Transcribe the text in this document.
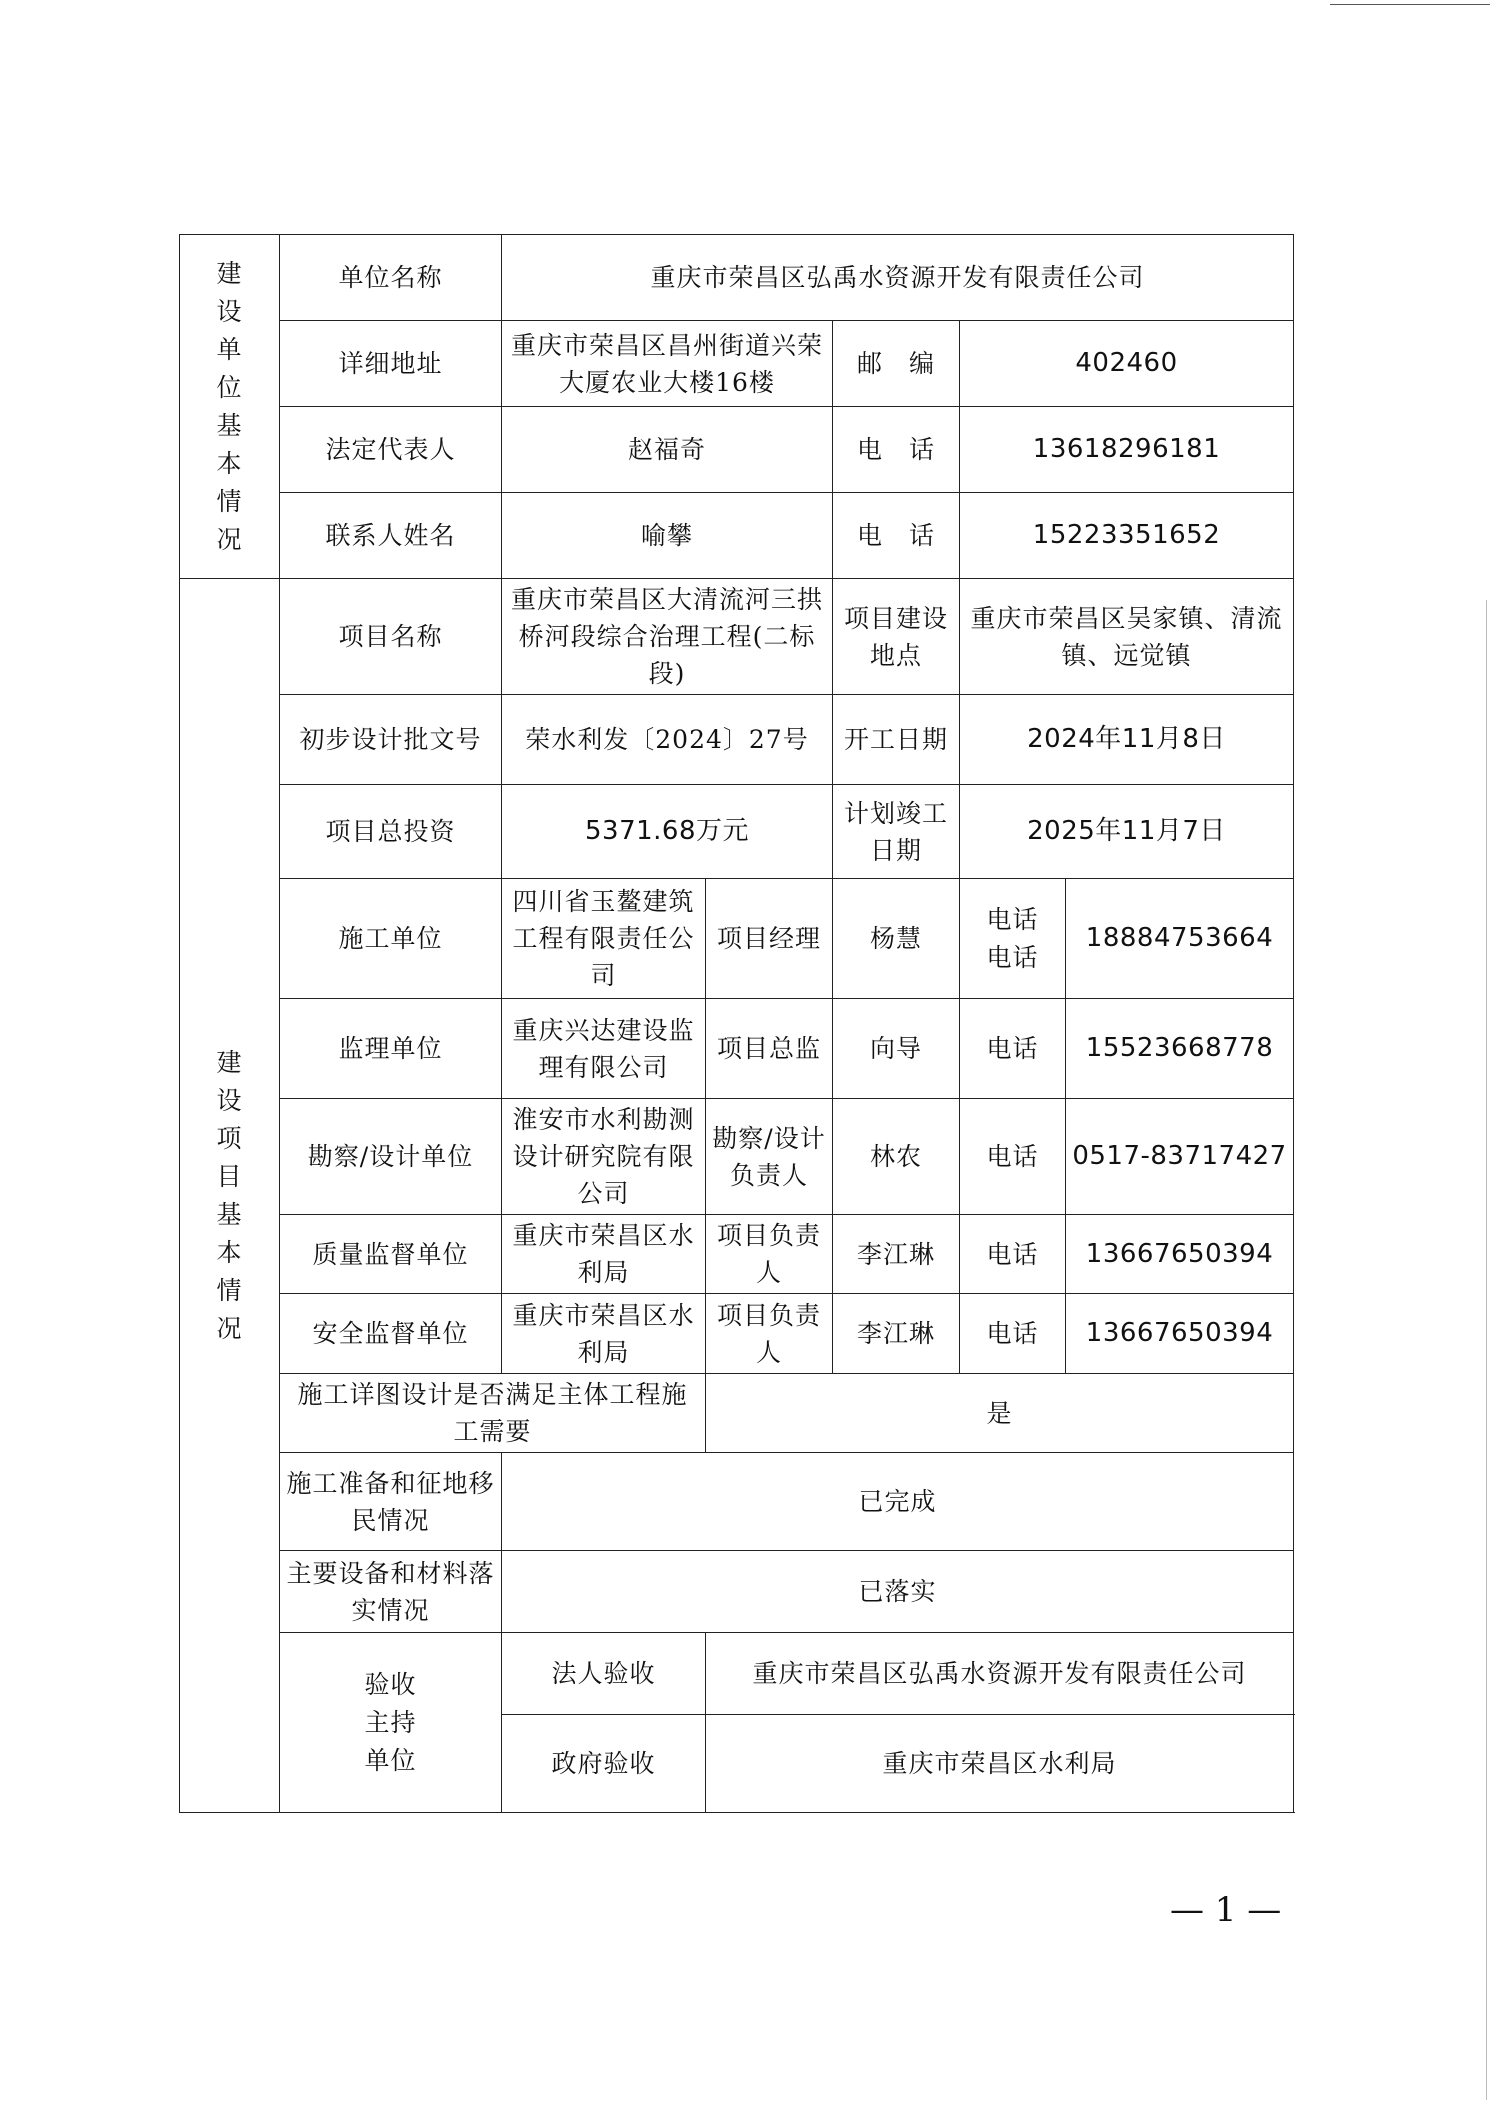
建设单位基本情况	单位名称	重庆市荣昌区弘禹水资源开发有限责任公司				
	详细地址	重庆市荣昌区昌州街道兴荣大厦农业大楼16楼		邮　编	402460	
	法定代表人	赵福奇		电　话	13618296181	
	联系人姓名	喻攀		电　话	15223351652	
建设项目基本情况	项目名称	重庆市荣昌区大清流河三拱桥河段综合治理工程(二标段)		项目建设地点	重庆市荣昌区吴家镇、清流镇、远觉镇	
	初步设计批文号	荣水利发〔2024〕27号		开工日期	2024年11月8日	
	项目总投资	5371.68万元		计划竣工日期	2025年11月7日	
	施工单位	四川省玉鳌建筑工程有限责任公司	项目经理	杨慧	电话电话	18884753664
	监理单位	重庆兴达建设监理有限公司	项目总监	向导	电话	15523668778
	勘察/设计单位	淮安市水利勘测设计研究院有限公司	勘察/设计负责人	林农	电话	0517-83717427
	质量监督单位	重庆市荣昌区水利局	项目负责人	李江琳	电话	13667650394
	安全监督单位	重庆市荣昌区水利局	项目负责人	李江琳	电话	13667650394
	施工详图设计是否满足主体工程施工需要		是			
	施工准备和征地移民情况	已完成				
	主要设备和材料落实情况	已落实				
	验收主持单位	法人验收	重庆市荣昌区弘禹水资源开发有限责任公司			
		政府验收	重庆市荣昌区水利局			
— 1 —
